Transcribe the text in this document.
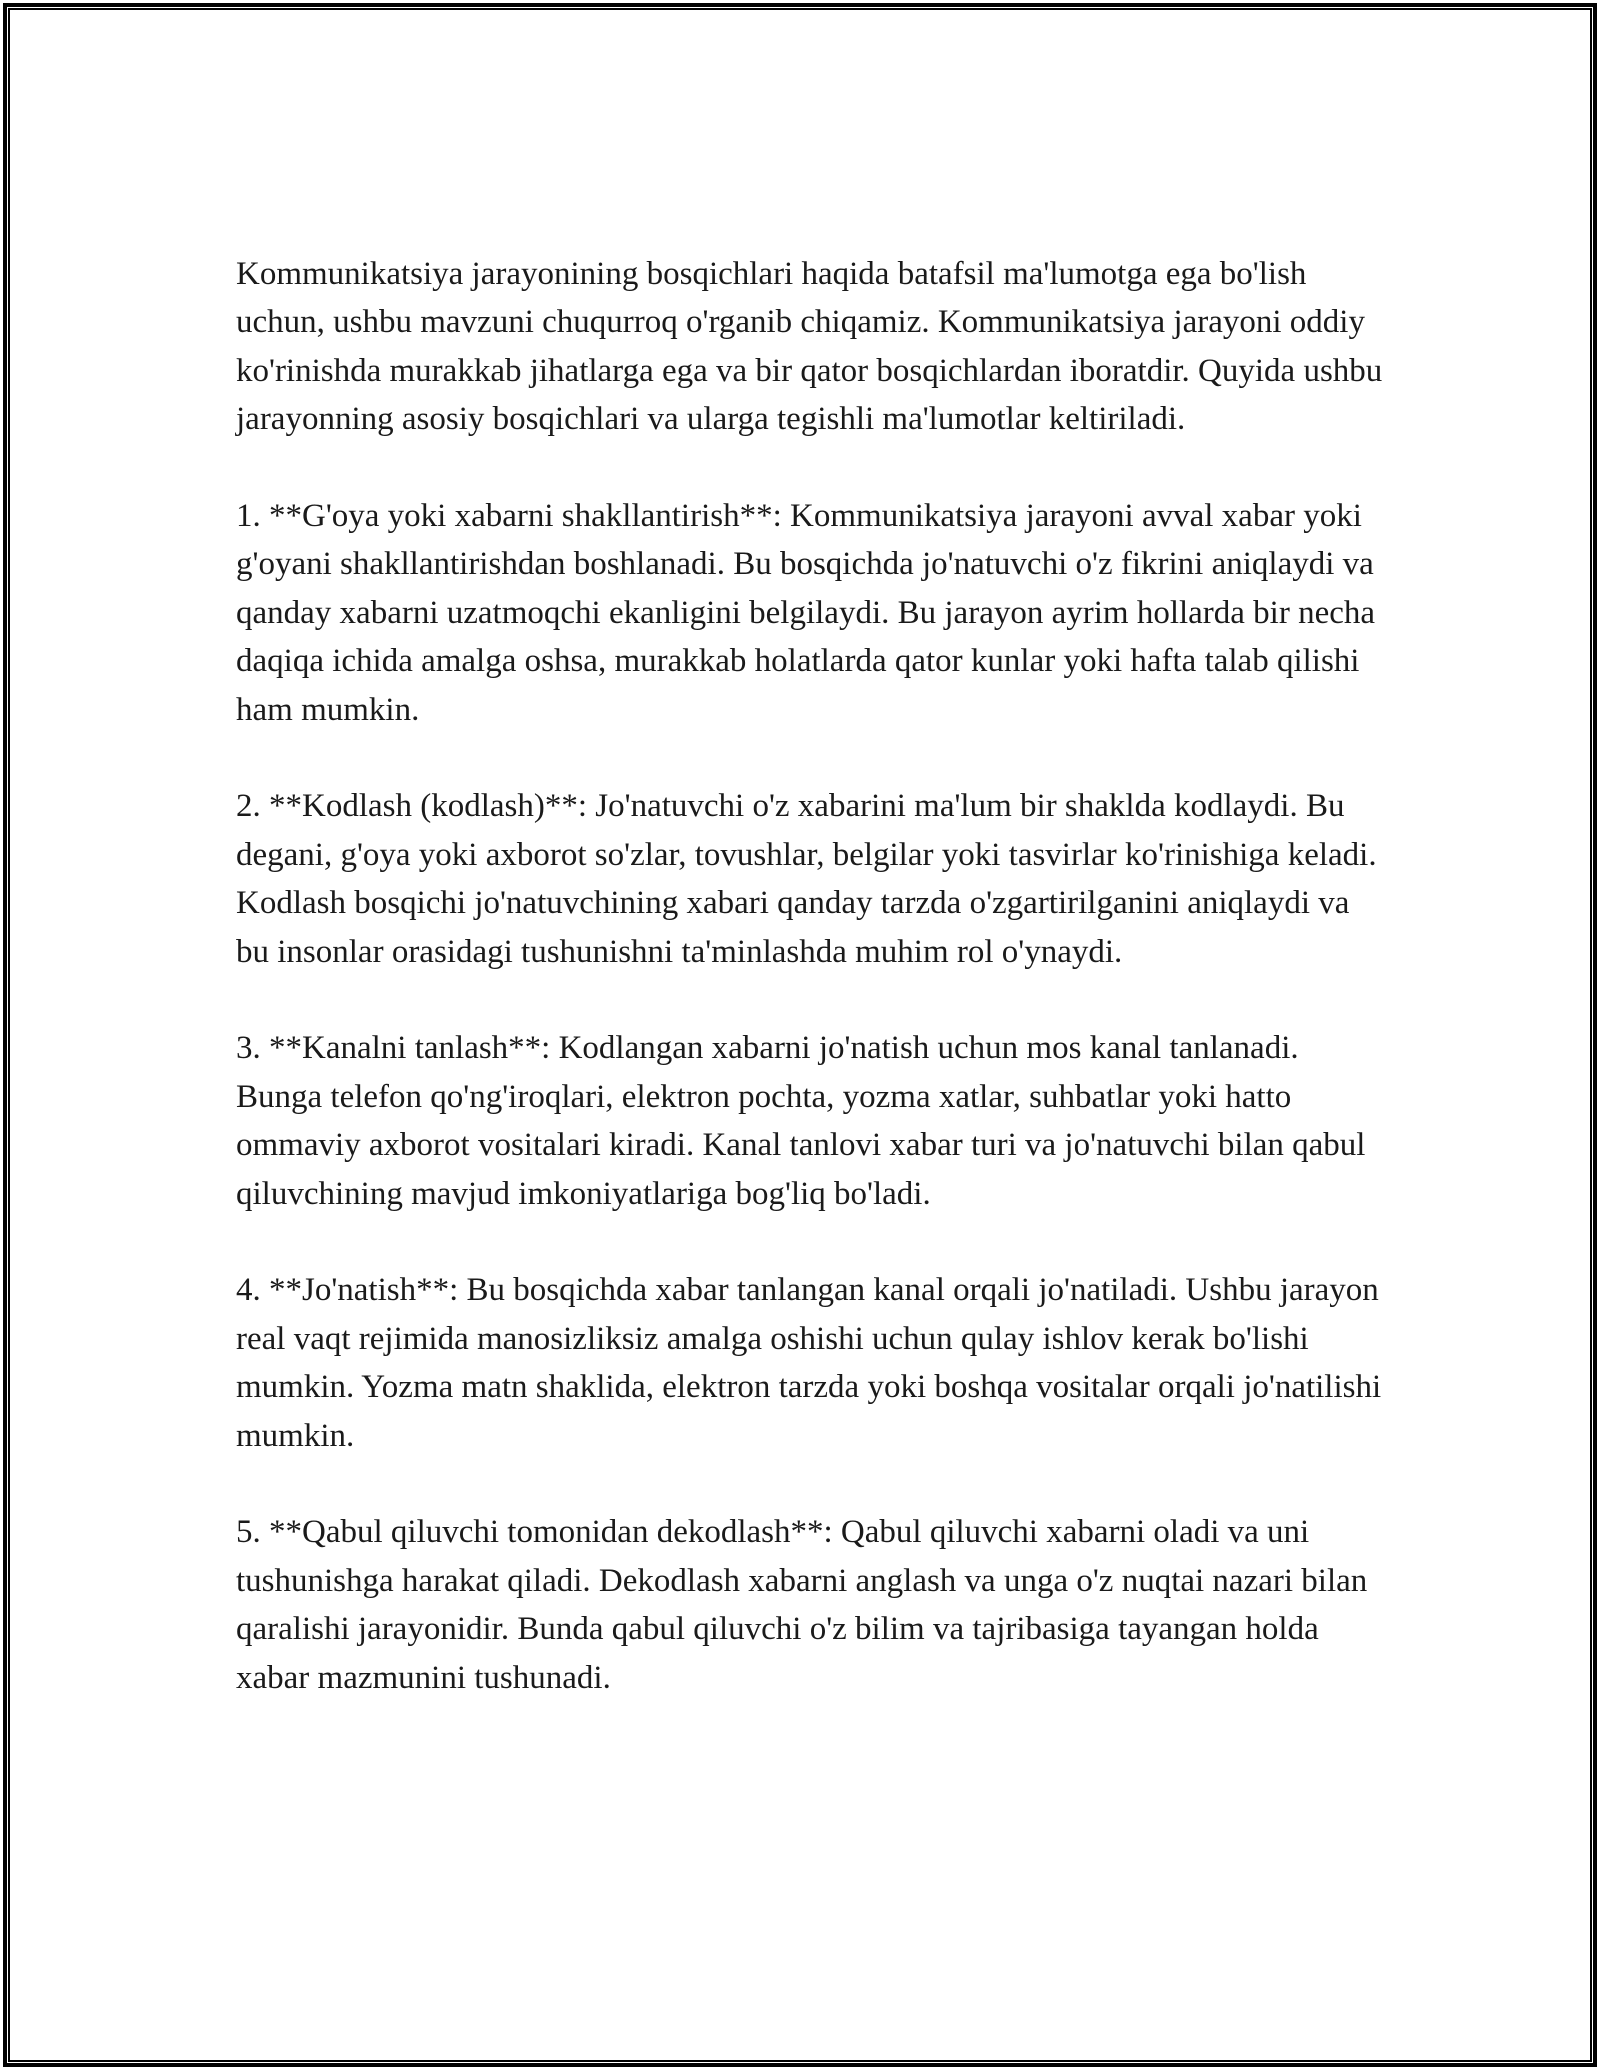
Kommunikatsiya jarayonining bosqichlari haqida batafsil ma'lumotga ega bo'lish uchun, ushbu mavzuni chuqurroq o'rganib chiqamiz. Kommunikatsiya jarayoni oddiy ko'rinishda murakkab jihatlarga ega va bir qator bosqichlardan iboratdir. Quyida ushbu jarayonning asosiy bosqichlari va ularga tegishli ma'lumotlar keltiriladi.

1. **G'oya yoki xabarni shakllantirish**: Kommunikatsiya jarayoni avval xabar yoki g'oyani shakllantirishdan boshlanadi. Bu bosqichda jo'natuvchi o'z fikrini aniqlaydi va qanday xabarni uzatmoqchi ekanligini belgilaydi. Bu jarayon ayrim hollarda bir necha daqiqa ichida amalga oshsa, murakkab holatlarda qator kunlar yoki hafta talab qilishi ham mumkin.

2. **Kodlash (kodlash)**: Jo'natuvchi o'z xabarini ma'lum bir shaklda kodlaydi. Bu degani, g'oya yoki axborot so'zlar, tovushlar, belgilar yoki tasvirlar ko'rinishiga keladi. Kodlash bosqichi jo'natuvchining xabari qanday tarzda o'zgartirilganini aniqlaydi va bu insonlar orasidagi tushunishni ta'minlashda muhim rol o'ynaydi.

3. **Kanalni tanlash**: Kodlangan xabarni jo'natish uchun mos kanal tanlanadi. Bunga telefon qo'ng'iroqlari, elektron pochta, yozma xatlar, suhbatlar yoki hatto ommaviy axborot vositalari kiradi. Kanal tanlovi xabar turi va jo'natuvchi bilan qabul qiluvchining mavjud imkoniyatlariga bog'liq bo'ladi.

4. **Jo'natish**: Bu bosqichda xabar tanlangan kanal orqali jo'natiladi. Ushbu jarayon real vaqt rejimida manosizliksiz amalga oshishi uchun qulay ishlov kerak bo'lishi mumkin. Yozma matn shaklida, elektron tarzda yoki boshqa vositalar orqali jo'natilishi mumkin.

5. **Qabul qiluvchi tomonidan dekodlash**: Qabul qiluvchi xabarni oladi va uni tushunishga harakat qiladi. Dekodlash xabarni anglash va unga o'z nuqtai nazari bilan qaralishi jarayonidir. Bunda qabul qiluvchi o'z bilim va tajribasiga tayangan holda xabar mazmunini tushunadi.
